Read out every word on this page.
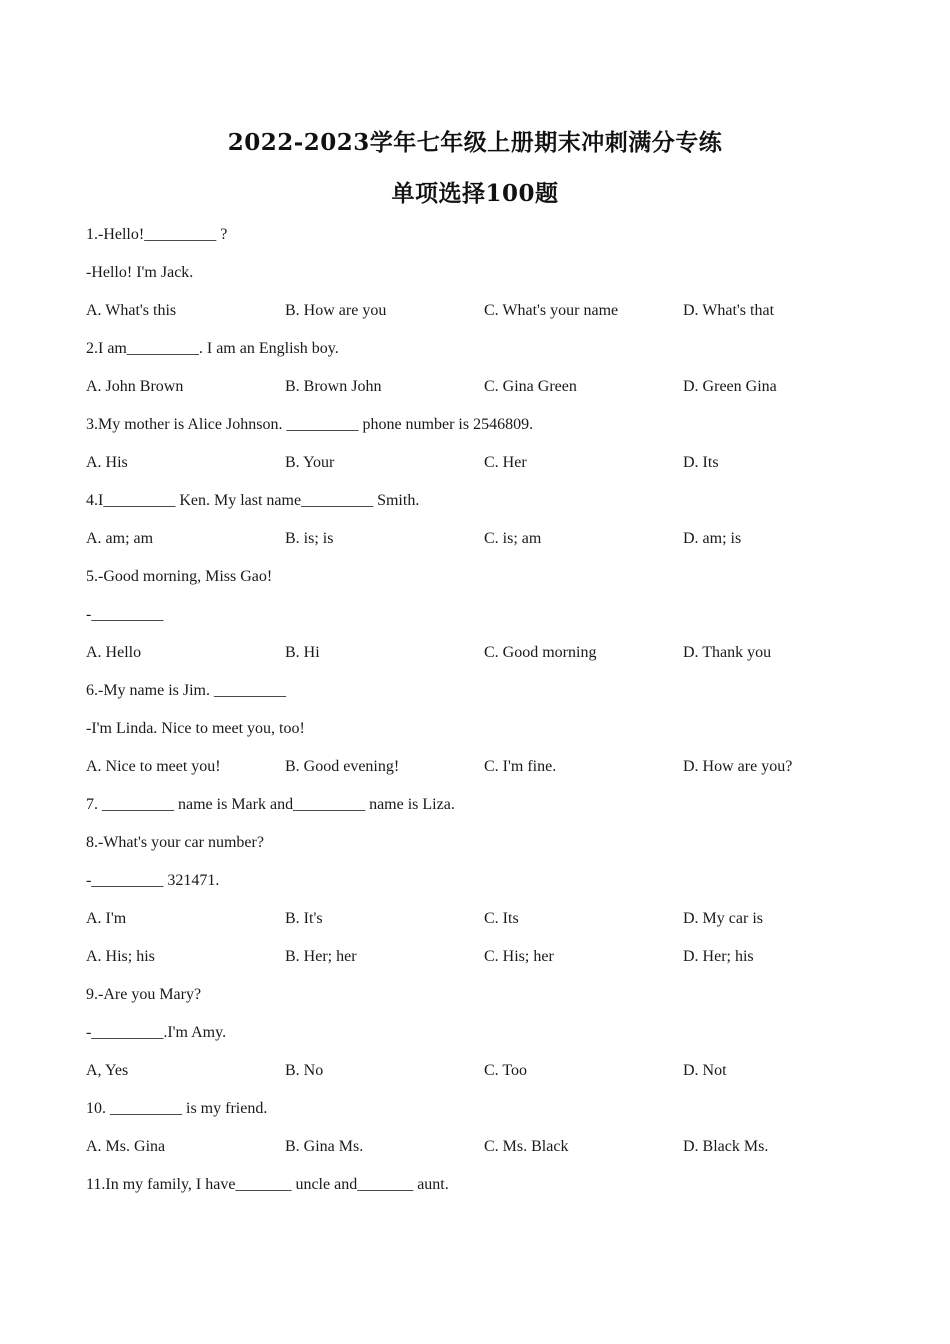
2022-2023学年七年级上册期末冲刺满分专练
单项选择100题
1.-Hello!_________ ?
-Hello! I'm Jack.
A. What's this	B. How are you	C. What's your name	D. What's that
2.I am_________. I am an English boy.
A. John Brown	B. Brown John	C. Gina Green	D. Green Gina
3.My mother is Alice Johnson. _________ phone number is 2546809.
A. His	B. Your	C. Her	D. Its
4.I_________ Ken. My last name_________ Smith.
A. am; am	B. is; is	C. is; am	D. am; is
5.-Good morning, Miss Gao!
-_________
A. Hello	B. Hi	C. Good morning	D. Thank you
6.-My name is Jim. _________
-I'm Linda. Nice to meet you, too!
A. Nice to meet you!	B. Good evening!	C. I'm fine.	D. How are you?
7. _________ name is Mark and_________ name is Liza.
8.-What's your car number?
-_________ 321471.
A. I'm	B. It's	C. Its	D. My car is
A. His; his	B. Her; her	C. His; her	D. Her; his
9.-Are you Mary?
-_________.I'm Amy.
A, Yes	B. No	C. Too	D. Not
10. _________ is my friend.
A. Ms. Gina	B. Gina Ms.	C. Ms. Black	D. Black Ms.
11.In my family, I have_______ uncle and_______ aunt.
